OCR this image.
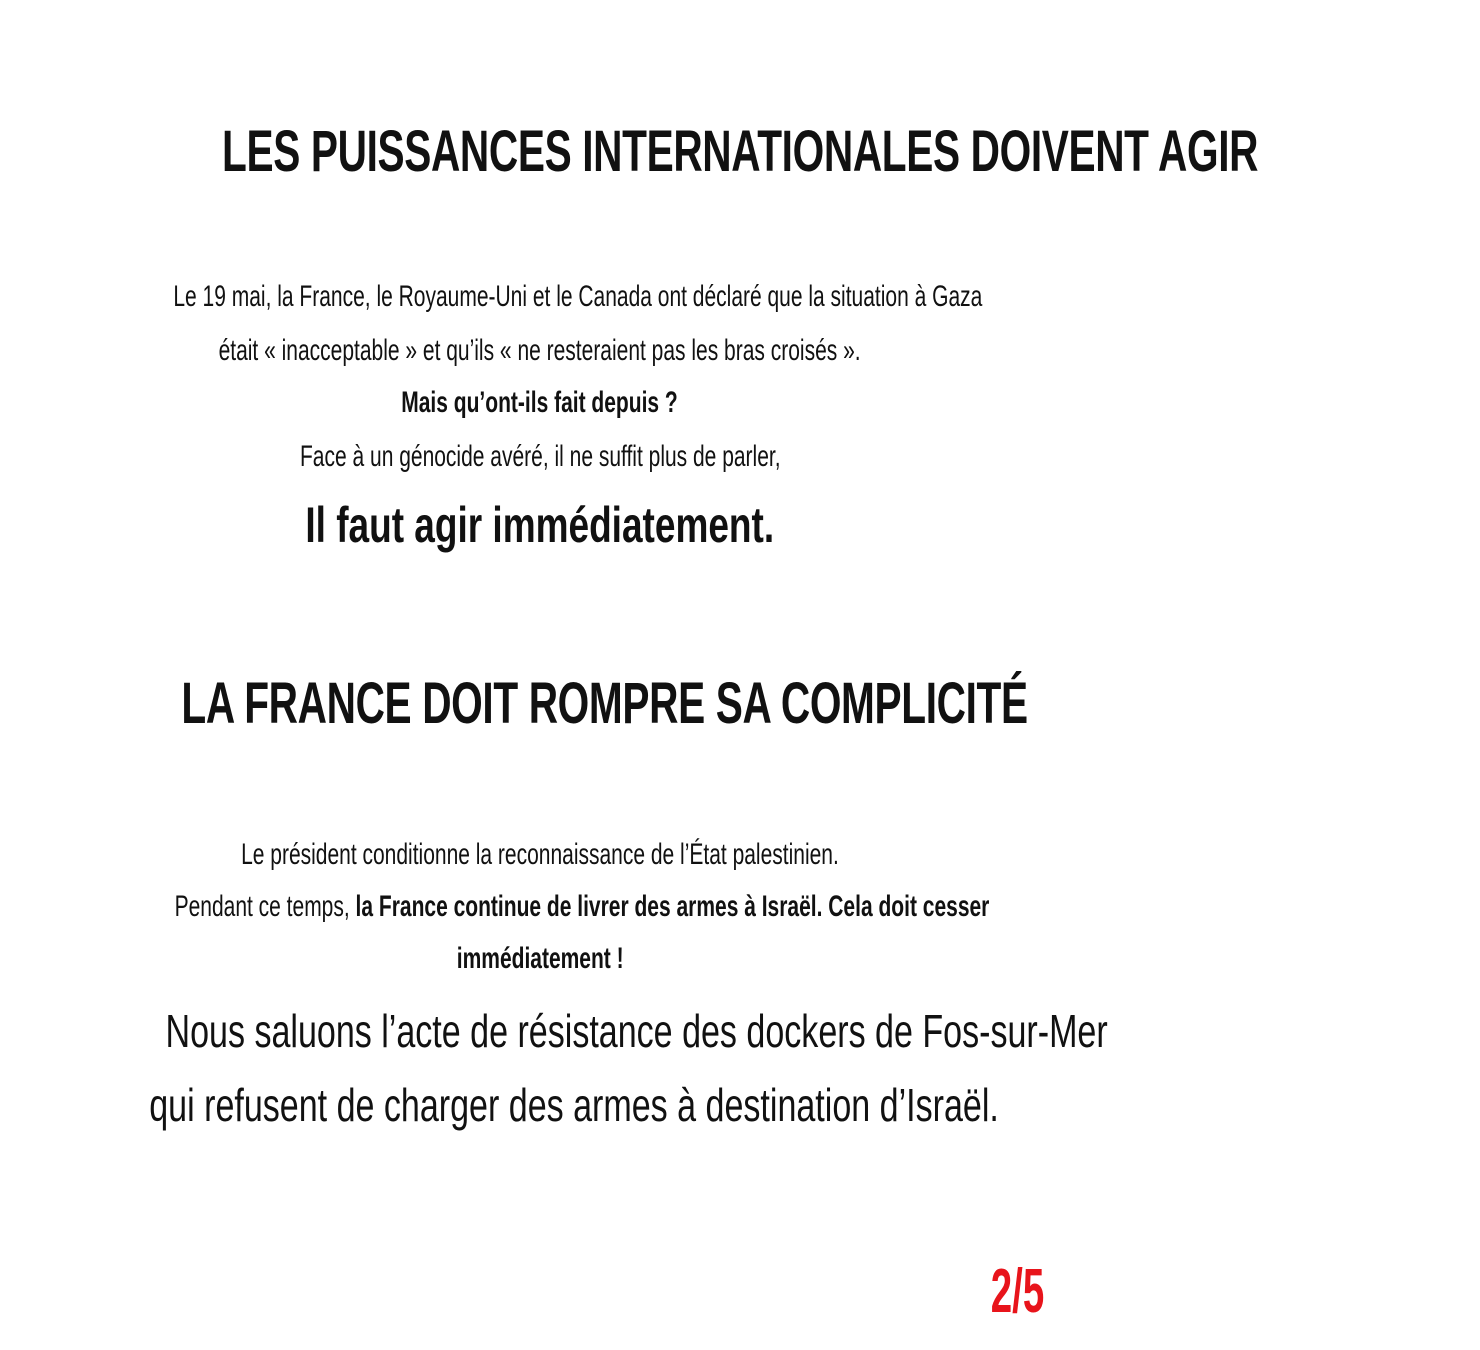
LES PUISSANCES INTERNATIONALES DOIVENT AGIR
Le 19 mai, la France, le Royaume-Uni et le Canada ont déclaré que la situation à Gaza
était « inacceptable » et qu’ils « ne resteraient pas les bras croisés ».
Mais qu’ont-ils fait depuis ?
Face à un génocide avéré, il ne suffit plus de parler,
Il faut agir immédiatement.
LA FRANCE DOIT ROMPRE SA COMPLICITÉ
Le président conditionne la reconnaissance de l’État palestinien.
Pendant ce temps, la France continue de livrer des armes à Israël. Cela doit cesser
immédiatement !
Nous saluons l’acte de résistance des dockers de Fos-sur-Mer
qui refusent de charger des armes à destination d’Israël.
2/5
